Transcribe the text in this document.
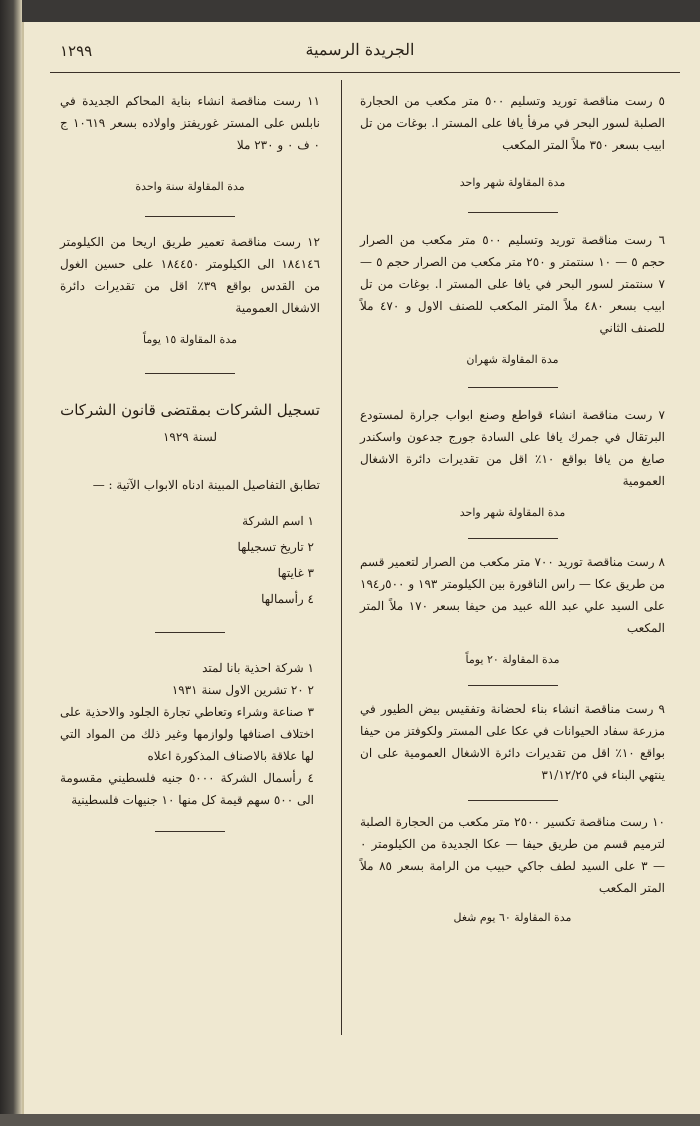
الجريدة الرسمية
١٢٩٩

٥ رست مناقصة توريد وتسليم ٥٠٠ متر مكعب من الحجارة الصلبة لسور البحر في مرفأ يافا على المستر ا. بوغات من تل ابيب بسعر ٣٥٠ ملاً المتر المكعب

مدة المقاولة شهر واحد

٦ رست مناقصة توريد وتسليم ٥٠٠ متر مكعب من الصرار حجم ٥ — ١٠ سنتمتر و ٢٥٠ متر مكعب من الصرار حجم ٥ — ٧ سنتمتر لسور البحر في يافا على المستر ا. بوغات من تل ابيب بسعر ٤٨٠ ملاً المتر المكعب للصنف الاول و ٤٧٠ ملاً للصنف الثاني

مدة المقاولة شهران

٧ رست مناقصة انشاء قواطع وصنع ابواب جرارة لمستودع البرتقال في جمرك يافا على السادة جورج جدعون واسكندر صايغ من يافا بواقع ١٠٪ اقل من تقديرات دائرة الاشغال العمومية

مدة المقاولة شهر واحد

٨ رست مناقصة توريد ٧٠٠ متر مكعب من الصرار لتعمير قسم من طريق عكا — راس الناقورة بين الكيلومتر ١٩٣ و ٥٠٠ر١٩٤ على السيد علي عبد الله عبيد من حيفا بسعر ١٧٠ ملاً المتر المكعب

مدة المقاولة ٢٠ يوماً

٩ رست مناقصة انشاء بناء لحضانة وتفقيس بيض الطيور في مزرعة سفاد الحيوانات في عكا على المستر ولكوفتز من حيفا بواقع ١٠٪ اقل من تقديرات دائرة الاشغال العمومية على ان ينتهي البناء في ٣١/١٢/٢٥

١٠ رست مناقصة تكسير ٢٥٠٠ متر مكعب من الحجارة الصلبة لترميم قسم من طريق حيفا — عكا الجديدة من الكيلومتر ٠ — ٣ على السيد لطف جاكي حبيب من الرامة بسعر ٨٥ ملاً المتر المكعب

مدة المقاولة ٦٠ يوم شغل

١١ رست مناقصة انشاء بناية المحاكم الجديدة في نابلس على المستر غوريفتز واولاده بسعر ١٠٦١٩ ج ٠ ف ٠ و ٢٣٠ ملا

مدة المقاولة سنة واحدة

١٢ رست مناقصة تعمير طريق اريحا من الكيلومتر ١٨٤١٤٦ الى الكيلومتر ١٨٤٤٥٠ على حسين الغول من القدس بواقع ٣٩٪ اقل من تقديرات دائرة الاشغال العمومية

مدة المقاولة ١٥ يوماً

تسجيل الشركات بمقتضى قانون الشركات

لسنة ١٩٢٩

تطابق التفاصيل المبينة ادناه الابواب الآتية : —

١ اسم الشركة

٢ تاريخ تسجيلها

٣ غايتها

٤ رأسمالها

١ شركة احذية بانا لمتد

٢ ٢٠ تشرين الاول سنة ١٩٣١

٣ صناعة وشراء وتعاطي تجارة الجلود والاحذية على اختلاف اصنافها ولوازمها وغير ذلك من المواد التي لها علاقة بالاصناف المذكورة اعلاه

٤ رأسمال الشركة ٥٠٠٠ جنيه فلسطيني مقسومة الى ٥٠٠ سهم قيمة كل منها ١٠ جنيهات فلسطينية
